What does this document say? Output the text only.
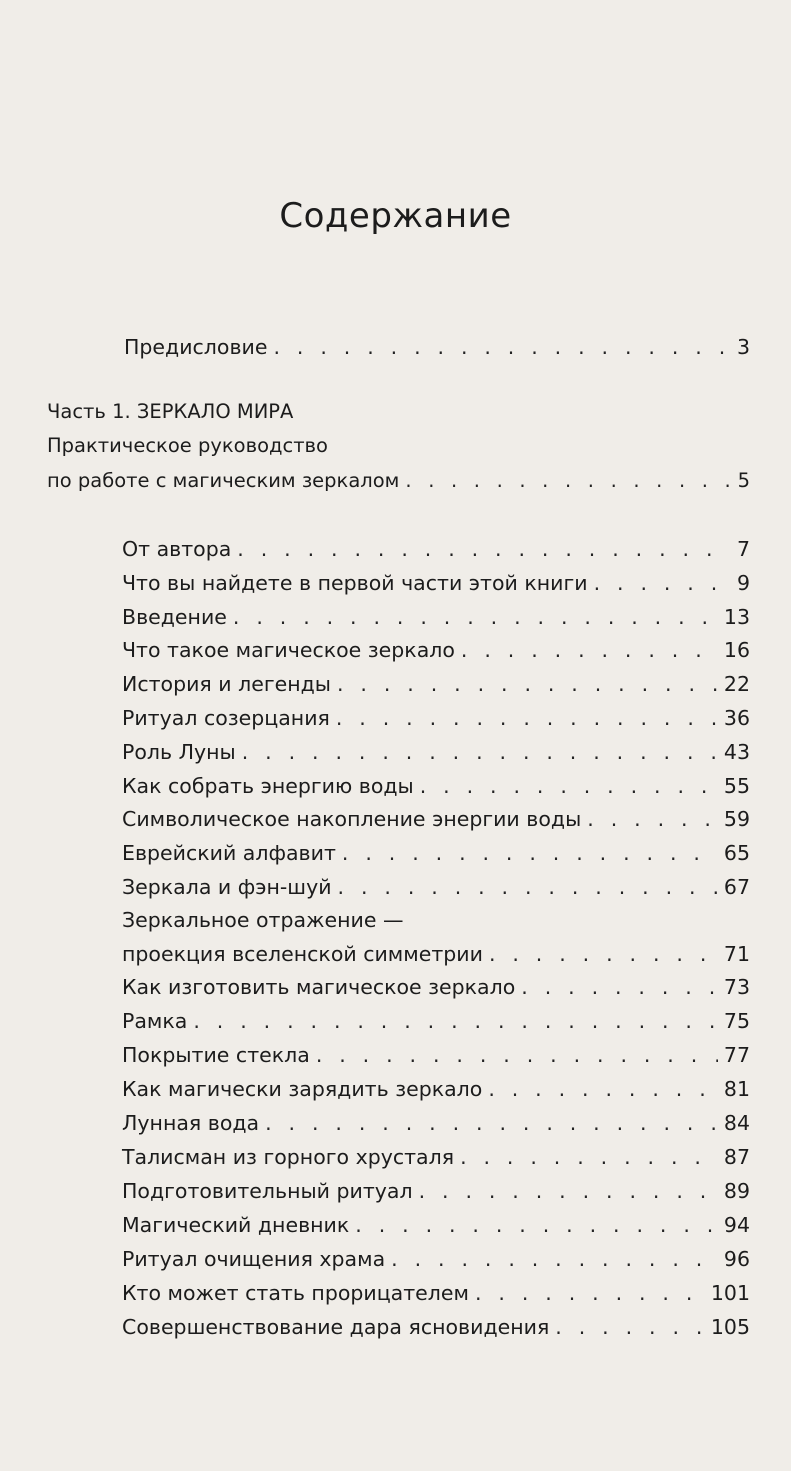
Содержание
Предисловие . . .	3
Часть 1. ЗЕРКАЛО МИРА
Практическое руководство
по работе с магическим зеркалом . . .	5
От автора . . .	7
Что вы найдете в первой части этой книги . . .	9
Введение . . .	13
Что такое магическое зеркало . . .	16
История и легенды . . .	22
Ритуал созерцания . . .	36
Роль Луны . . .	43
Как собрать энергию воды . . .	55
Символическое накопление энергии воды . . .	59
Еврейский алфавит . . .	65
Зеркала и фэн-шуй . . .	67
Зеркальное отражение —
проекция вселенской симметрии . . .	71
Как изготовить магическое зеркало . . .	73
Рамка . . .	75
Покрытие стекла . . .	77
Как магически зарядить зеркало . . .	81
Лунная вода . . .	84
Талисман из горного хрусталя . . .	87
Подготовительный ритуал . . .	89
Магический дневник . . .	94
Ритуал очищения храма . . .	96
Кто может стать прорицателем . . .	101
Совершенствование дара ясновидения . . .	105
